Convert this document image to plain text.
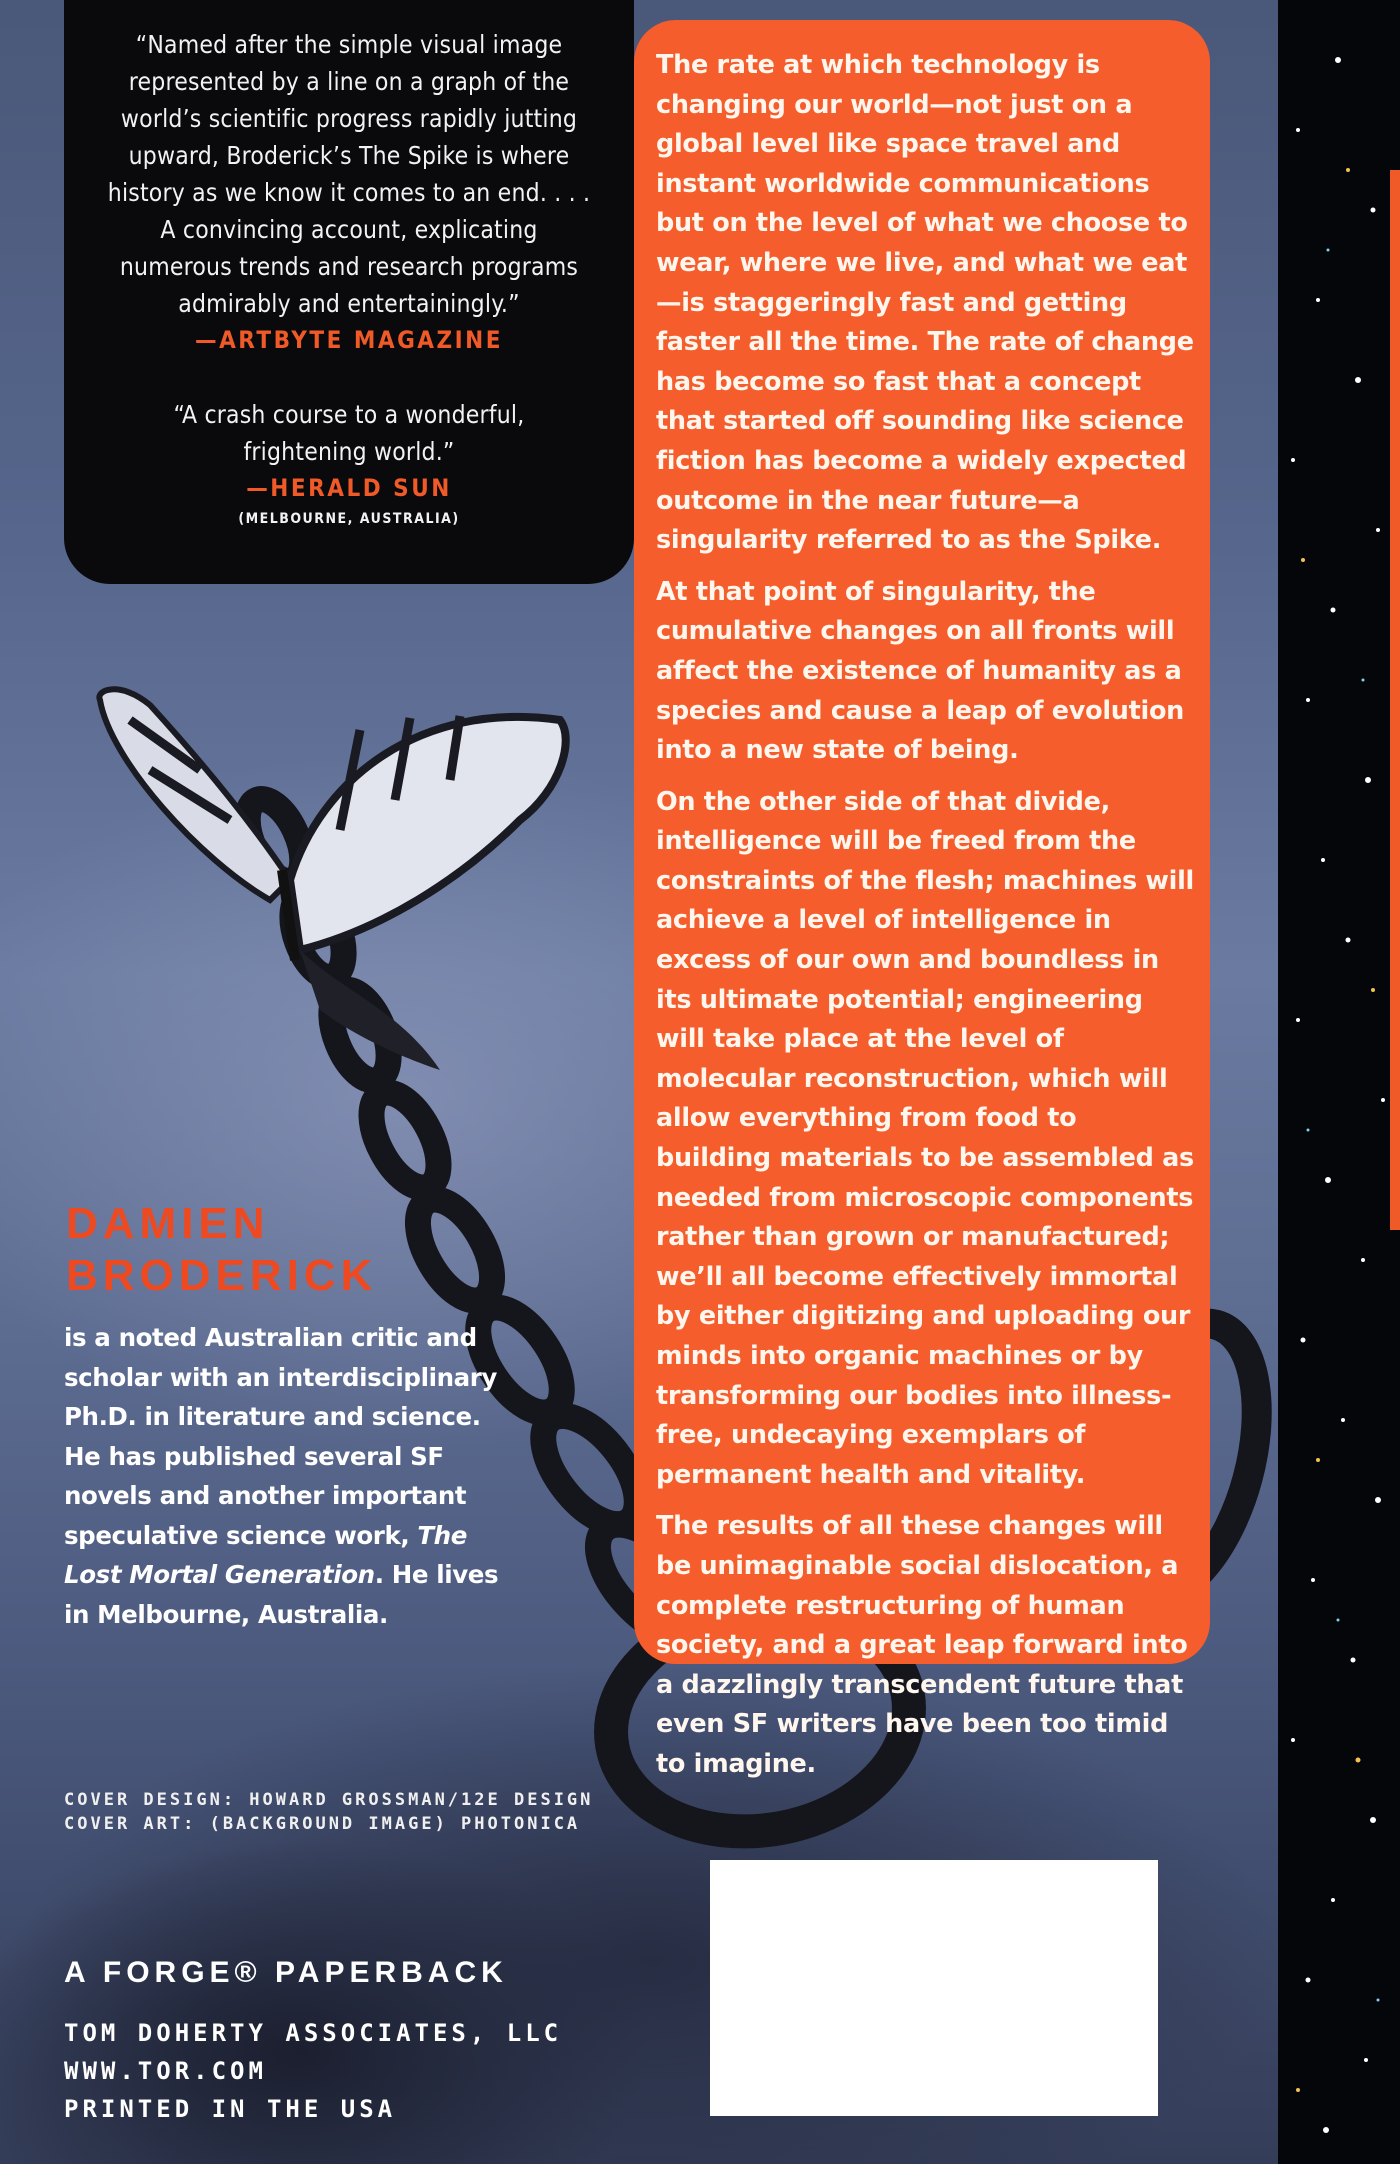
“Named after the simple visual image
represented by a line on a graph of the
world’s scientific progress rapidly jutting
upward, Broderick’s The Spike is where
history as we know it comes to an end. . . .
A convincing account, explicating
numerous trends and research programs
admirably and entertainingly.”
—ARTBYTE MAGAZINE
“A crash course to a wonderful,
frightening world.”
—HERALD SUN
(MELBOURNE, AUSTRALIA)

The rate at which technology is changing our world—not just on a global level like space travel and instant worldwide communications but on the level of what we choose to wear, where we live, and what we eat—is staggeringly fast and getting faster all the time. The rate of change has become so fast that a concept that started off sounding like science fiction has become a widely expected outcome in the near future—a singularity referred to as the Spike.

At that point of singularity, the cumulative changes on all fronts will affect the existence of humanity as a species and cause a leap of evolution into a new state of being.

On the other side of that divide, intelligence will be freed from the constraints of the flesh; machines will achieve a level of intelligence in excess of our own and boundless in its ultimate potential; engineering will take place at the level of molecular reconstruction, which will allow everything from food to building materials to be assembled as needed from microscopic components rather than grown or manufactured; we’ll all become effectively immortal by either digitizing and uploading our minds into organic machines or by transforming our bodies into illness-free, undecaying exemplars of permanent health and vitality.

The results of all these changes will be unimaginable social dislocation, a complete restructuring of human society, and a great leap forward into a dazzlingly transcendent future that even SF writers have been too timid to imagine.

DAMIEN
BRODERICK
is a noted Australian critic and scholar with an interdisciplinary Ph.D. in literature and science. He has published several SF novels and another important speculative science work, The Lost Mortal Generation. He lives in Melbourne, Australia.
COVER DESIGN: HOWARD GROSSMAN/12E DESIGN
COVER ART: (BACKGROUND IMAGE) PHOTONICA
A FORGE® PAPERBACK
TOM DOHERTY ASSOCIATES, LLC
WWW.TOR.COM
PRINTED IN THE USA
